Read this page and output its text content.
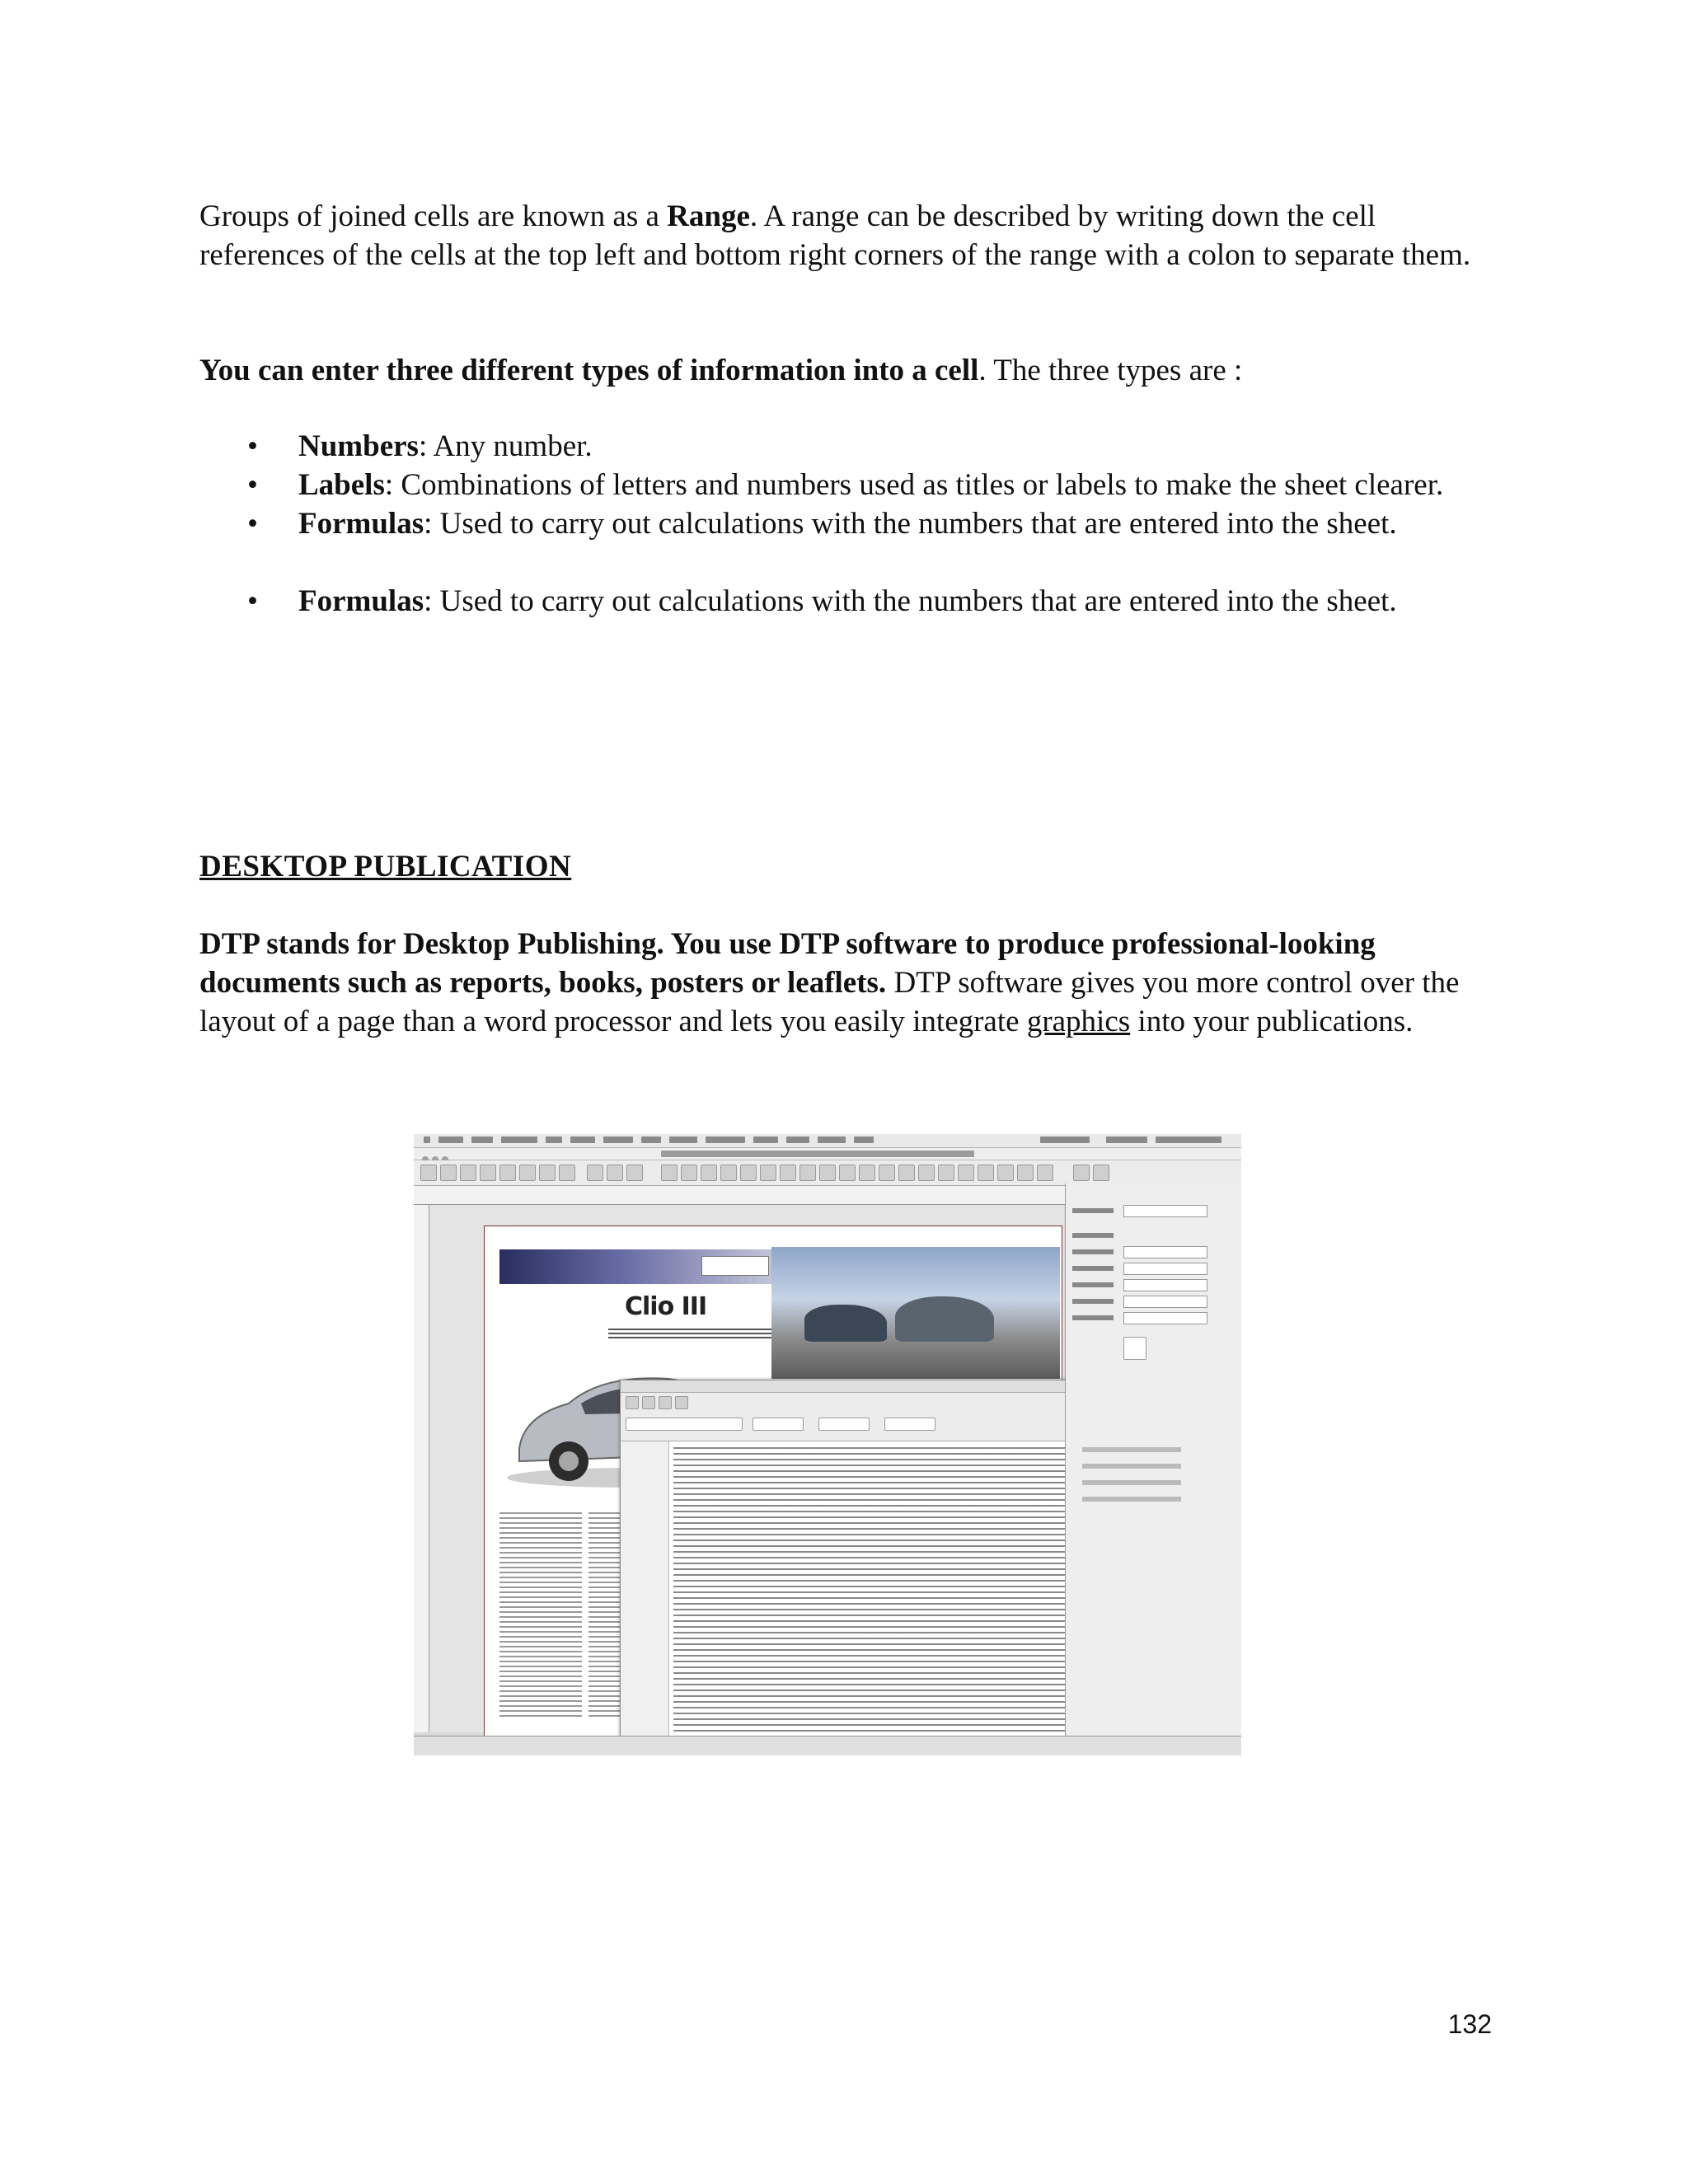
Groups of joined cells are known as a Range. A range can be described by writing down the cell references of the cells at the top left and bottom right corners of the range with a colon to separate them.
You can enter three different types of information into a cell. The three types are :
• Numbers: Any number.
• Labels: Combinations of letters and numbers used as titles or labels to make the sheet clearer.
• Formulas: Used to carry out calculations with the numbers that are entered into the sheet.
• Formulas: Used to carry out calculations with the numbers that are entered into the sheet.
DESKTOP PUBLICATION
DTP stands for Desktop Publishing. You use DTP software to produce professional-looking documents such as reports, books, posters or leaflets. DTP software gives you more control over the layout of a page than a word processor and lets you easily integrate graphics into your publications.
Clio III
132
